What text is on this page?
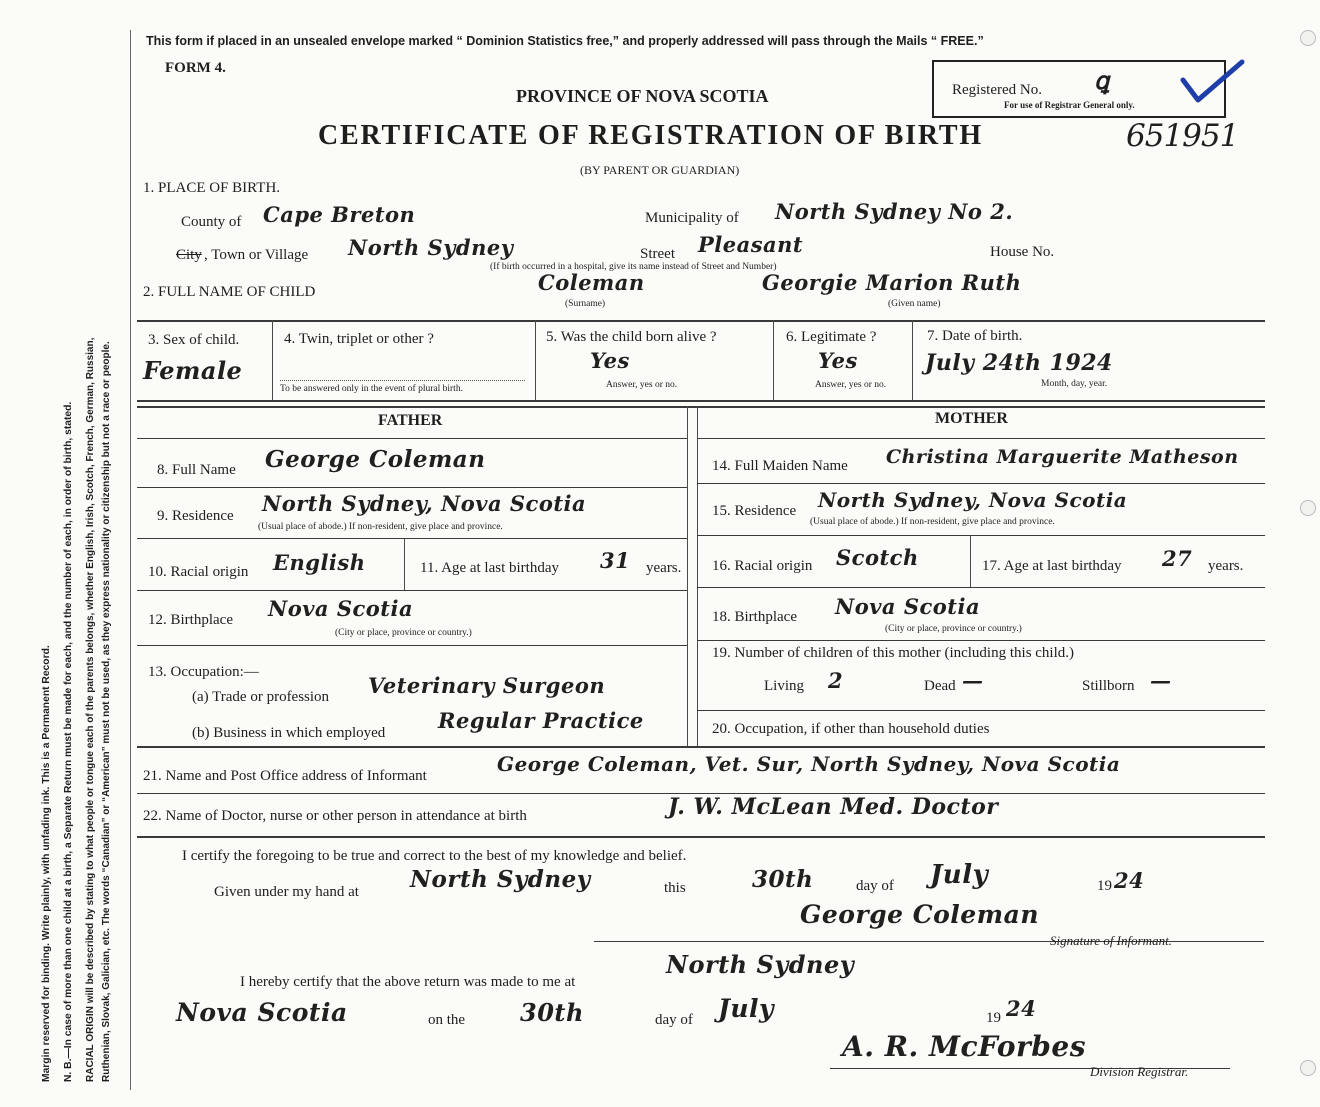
Margin reserved for binding. Write plainly, with unfading ink. This is a Permanent Record. N. B.—In case of more than one child at a birth, a Separate Return must be made for each, and the number of each, in order of birth, stated. RACIAL ORIGIN will be described by stating to what people or tongue each of the parents belongs, whether English, Irish, Scotch, French, German, Russian, Ruthenian, Slovak, Galician, etc. The words “Canadian” or “American” must not be used, as they express nationality or citizenship but not a race or people.
This form if placed in an unsealed envelope marked “ Dominion Statistics free,” and properly addressed will pass through the Mails “ FREE.”
FORM 4.
PROVINCE OF NOVA SCOTIA
CERTIFICATE OF REGISTRATION OF BIRTH
(BY PARENT OR GUARDIAN)
Registered No.
For use of Registrar General only.
ꝗ
651951
1. PLACE OF BIRTH.
County of Cape Breton	Municipality of North Sydney No 2.
City , Town or Village North Sydney	Street Pleasant	House No.
(If birth occurred in a hospital, give its name instead of Street and Number)
2. FULL NAME OF CHILD	Coleman
(Surname)
Georgie Marion Ruth
(Given name)
3. Sex of child.
Female
4. Twin, triplet or other ?
To be answered only in the event of plural birth.
5. Was the child born alive ?
Yes
Answer, yes or no.
6. Legitimate ?
Yes
Answer, yes or no.
7. Date of birth.
July 24th 1924
Month, day, year.
FATHER	MOTHER
8. Full Name George Coleman
9. Residence North Sydney, Nova Scotia
(Usual place of abode.) If non-resident, give place and province.
10. Racial origin English	11. Age at last birthday 31 years.
12. Birthplace Nova Scotia
(City or place, province or country.)
13. Occupation:—
(a) Trade or profession Veterinary Surgeon
(b) Business in which employed	Regular Practice
14. Full Maiden Name Christina Marguerite Matheson
15. Residence North Sydney, Nova Scotia
(Usual place of abode.) If non-resident, give place and province.
16. Racial origin Scotch	17. Age at last birthday 27 years.
18. Birthplace Nova Scotia
(City or place, province or country.)
19. Number of children of this mother (including this child.)
Living 2	Dead —	Stillborn —
20. Occupation, if other than household duties
21. Name and Post Office address of Informant	George Coleman, Vet. Sur, North Sydney, Nova Scotia
22. Name of Doctor, nurse or other person in attendance at birth	J. W. McLean Med. Doctor
I certify the foregoing to be true and correct to the best of my knowledge and belief.
Given under my hand at North Sydney	this	30th	day of July	19 24
George Coleman
Signature of Informant.
I hereby certify that the above return was made to me at
North Sydney
Nova Scotia	on the 30th	day of July	19 24
A. R. McForbes
Division Registrar.
